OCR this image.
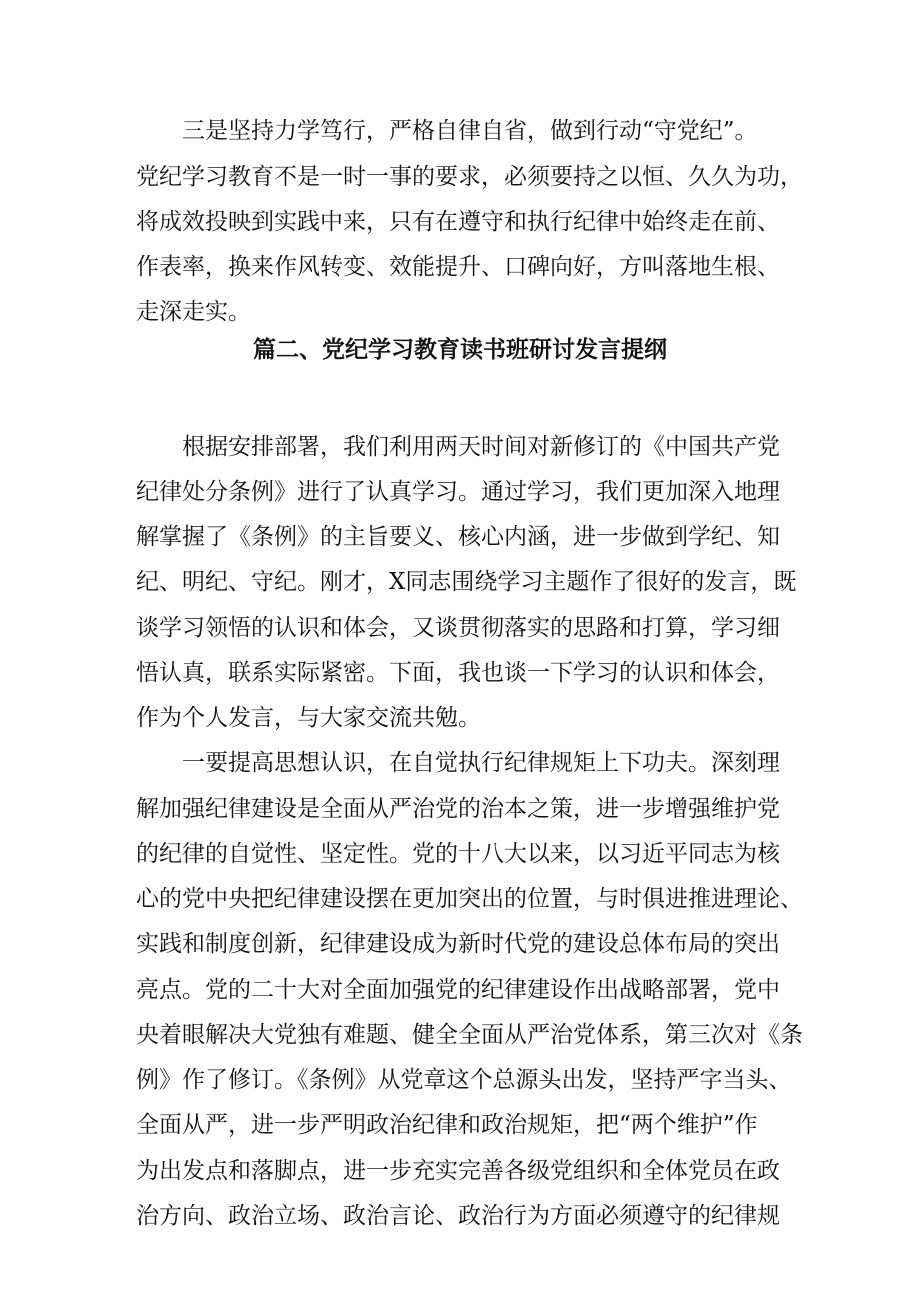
　　三是坚持力学笃行，严格自律自省，做到行动“守党纪”。
党纪学习教育不是一时一事的要求，必须要持之以恒、久久为功，
将成效投映到实践中来，只有在遵守和执行纪律中始终走在前、
作表率，换来作风转变、效能提升、口碑向好，方叫落地生根、
走深走实。
篇二、党纪学习教育读书班研讨发言提纲
　　根据安排部署，我们利用两天时间对新修订的《中国共产党
纪律处分条例》进行了认真学习。通过学习，我们更加深入地理
解掌握了《条例》的主旨要义、核心内涵，进一步做到学纪、知
纪、明纪、守纪。刚才，X同志围绕学习主题作了很好的发言，既
谈学习领悟的认识和体会，又谈贯彻落实的思路和打算，学习细
悟认真，联系实际紧密。下面，我也谈一下学习的认识和体会，
作为个人发言，与大家交流共勉。
　　一要提高思想认识，在自觉执行纪律规矩上下功夫。深刻理
解加强纪律建设是全面从严治党的治本之策，进一步增强维护党
的纪律的自觉性、坚定性。党的十八大以来，以习近平同志为核
心的党中央把纪律建设摆在更加突出的位置，与时俱进推进理论、
实践和制度创新，纪律建设成为新时代党的建设总体布局的突出
亮点。党的二十大对全面加强党的纪律建设作出战略部署，党中
央着眼解决大党独有难题、健全全面从严治党体系，第三次对《条
例》作了修订。《条例》从党章这个总源头出发，坚持严字当头、
全面从严，进一步严明政治纪律和政治规矩，把“两个维护”作
为出发点和落脚点，进一步充实完善各级党组织和全体党员在政
治方向、政治立场、政治言论、政治行为方面必须遵守的纪律规
